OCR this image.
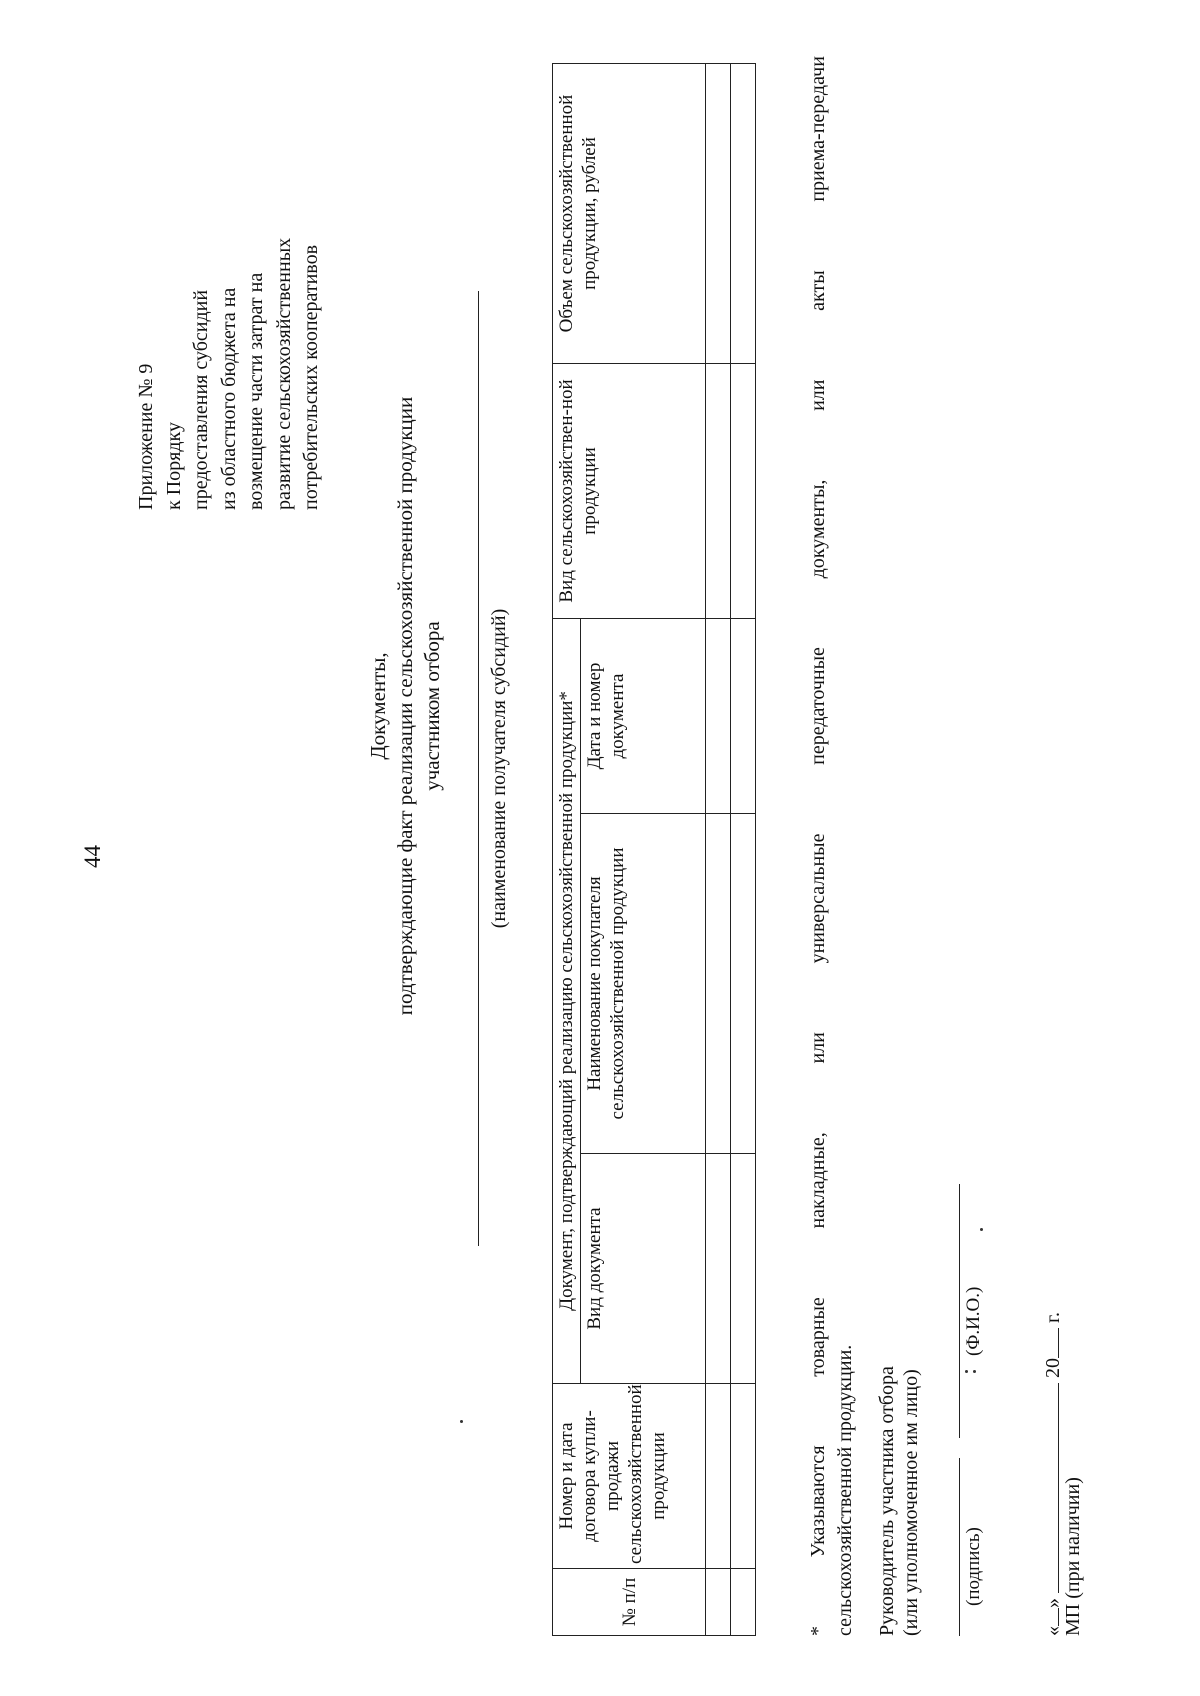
44
Приложение № 9 к Порядку предоставления субсидий из областного бюджета на возмещение части затрат на развитие сельскохозяйственных потребительских кооперативов
Документы, подтверждающие факт реализации сельскохозяйственной продукции участником отбора (наименование получателя субсидий)
№ п/п	Номер и дата договора купли-продажи сельскохозяйственной продукции	Документ, подтверждающий реализацию сельскохозяйственной продукции*			Вид сельскохозяйствен-ной продукции	Объем сельскохозяйственной продукции, рублей
		Вид документа	Наименование покупателя сельскохозяйственной продукции	Дата и номер документа		

*
Указываются
товарные
накладные,
или
универсальные
передаточные
документы,
или
акты
приема-передачи
сельскохозяйственной продукции. Руководитель участника отбора (или уполномоченное им лицо) (подпись)
(Ф.И.О.)
«»  20 г.
МП (при наличии)
